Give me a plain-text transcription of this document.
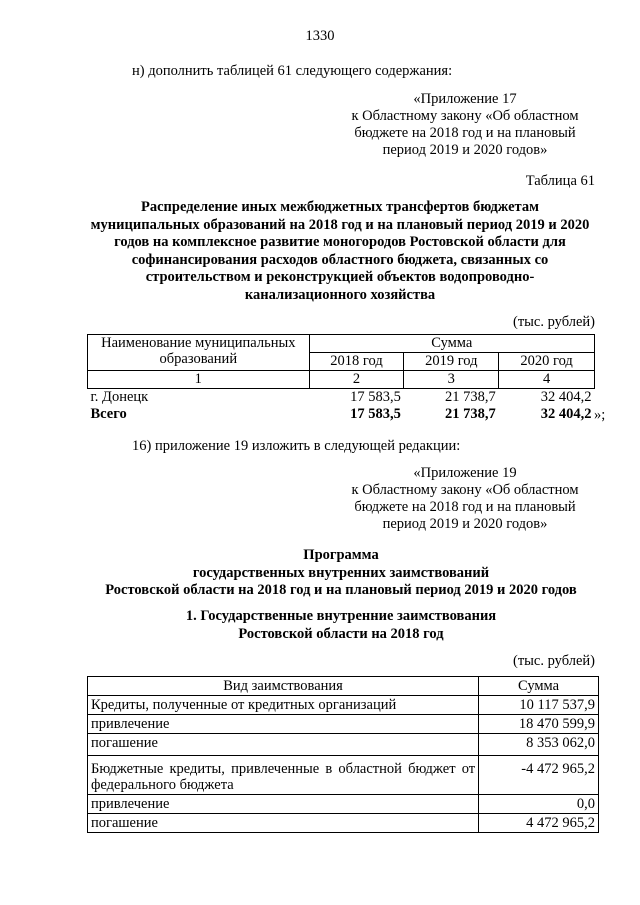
1330
н) дополнить таблицей 61 следующего содержания:
«Приложение 17
к Областному закону «Об областном
бюджете на 2018 год и на плановый
период 2019 и 2020 годов»
Таблица 61
Распределение иных межбюджетных трансфертов бюджетам муниципальных образований на 2018 год и на плановый период 2019 и 2020 годов на комплексное развитие моногородов Ростовской области для софинансирования расходов областного бюджета, связанных со строительством и реконструкцией объектов водопроводно-канализационного хозяйства
(тыс. рублей)
Наименование муниципальных образований	Сумма		
	2018 год	2019 год	2020 год
1	2	3	4
г. Донецк	17 583,5	21 738,7	32 404,2
Всего	17 583,5	21 738,7	32 404,2 »;
16) приложение 19 изложить в следующей редакции:
«Приложение 19
к Областному закону «Об областном
бюджете на 2018 год и на плановый
период 2019 и 2020 годов»
Программа
государственных внутренних заимствований
Ростовской области на 2018 год и на плановый период 2019 и 2020 годов
1. Государственные внутренние заимствования
Ростовской области на 2018 год
(тыс. рублей)
Вид заимствования	Сумма
Кредиты, полученные от кредитных организаций	10 117 537,9
привлечение	18 470 599,9
погашение	8 353 062,0
Бюджетные кредиты, привлеченные в областной бюджет от федерального бюджета	-4 472 965,2
привлечение	0,0
погашение	4 472 965,2
